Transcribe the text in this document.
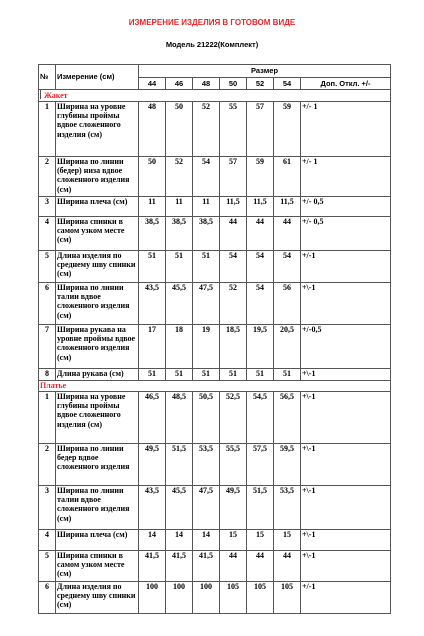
ИЗМЕРЕНИЕ ИЗДЕЛИЯ В ГОТОВОМ ВИДЕ
Модель 21222(Комплект)
№	Измерение (см)	Размер						
		44	46	48	50	52	54	Доп. Откл. +/-
Жакет								
1	Ширина на уровне глубины проймы вдвое сложенного изделия (см)	48	50	52	55	57	59	+/- 1
2	Ширина по линии (бедер) низа вдвое сложенного изделия (см)	50	52	54	57	59	61	+/- 1
3	Ширина плеча (см)	11	11	11	11,5	11,5	11,5	+/- 0,5
4	Ширина спинки в самом узком месте (см)	38,5	38,5	38,5	44	44	44	+/- 0,5
5	Длина изделия по среднему шву спинки (см)	51	51	51	54	54	54	+/-1
6	Ширина по линии талии вдвое сложенного изделия (см)	43,5	45,5	47,5	52	54	56	+\-1
7	Ширина рукава на уровне проймы вдвое сложенного изделия (см)	17	18	19	18,5	19,5	20,5	+/-0,5
8	Длина рукава (см)	51	51	51	51	51	51	+\-1
Платье								
1	Ширина на уровне глубины проймы вдвое сложенного изделия (см)	46,5	48,5	50,5	52,5	54,5	56,5	+\-1
2	Ширина по линии бедер вдвое сложенного изделия	49,5	51,5	53,5	55,5	57,5	59,5	+\-1
3	Ширина по линии талии вдвое сложенного изделия (см)	43,5	45,5	47,5	49,5	51,5	53,5	+\-1
4	Ширина плеча (см)	14	14	14	15	15	15	+\-1
5	Ширина спинки в самом узком месте (см)	41,5	41,5	41,5	44	44	44	+\-1
6	Длина изделия по среднему шву спинки (см)	100	100	100	105	105	105	+/-1
